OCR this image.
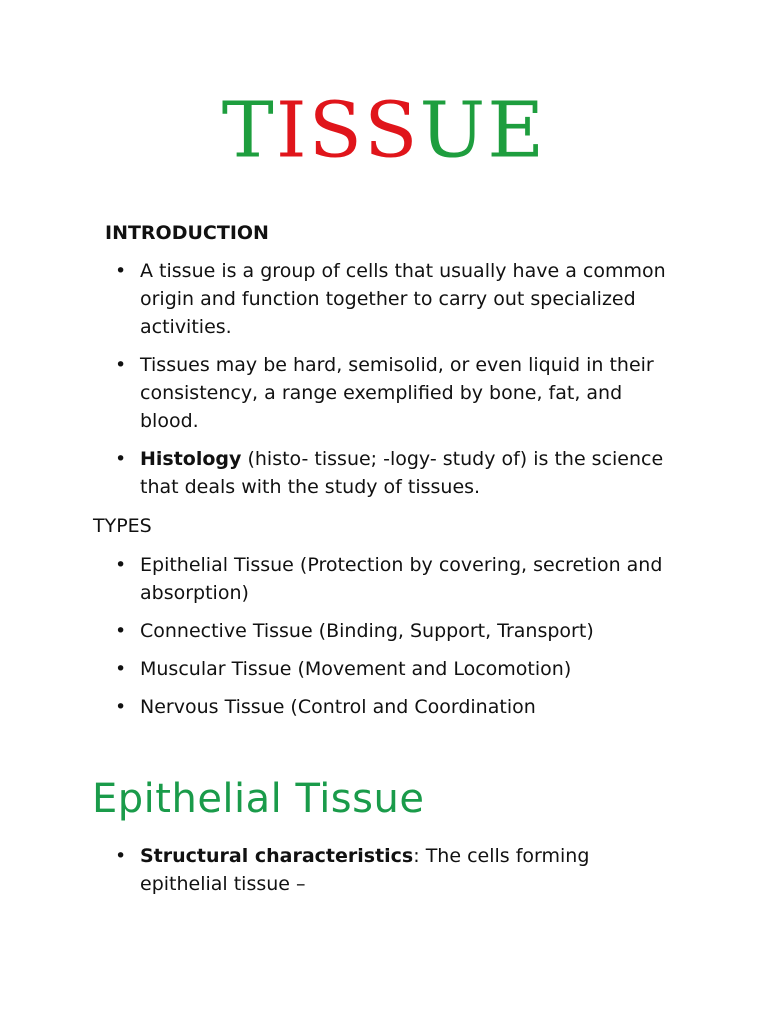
TISSUE
INTRODUCTION
• A tissue is a group of cells that usually have a common origin and function together to carry out specialized activities.
• Tissues may be hard, semisolid, or even liquid in their consistency, a range exemplified by bone, fat, and blood.
• Histology (histo- tissue; -logy- study of) is the science that deals with the study of tissues.
TYPES
• Epithelial Tissue (Protection by covering, secretion and absorption)
• Connective Tissue (Binding, Support, Transport)
• Muscular Tissue (Movement and Locomotion)
• Nervous Tissue (Control and Coordination
Epithelial Tissue
• Structural characteristics: The cells forming epithelial tissue –
